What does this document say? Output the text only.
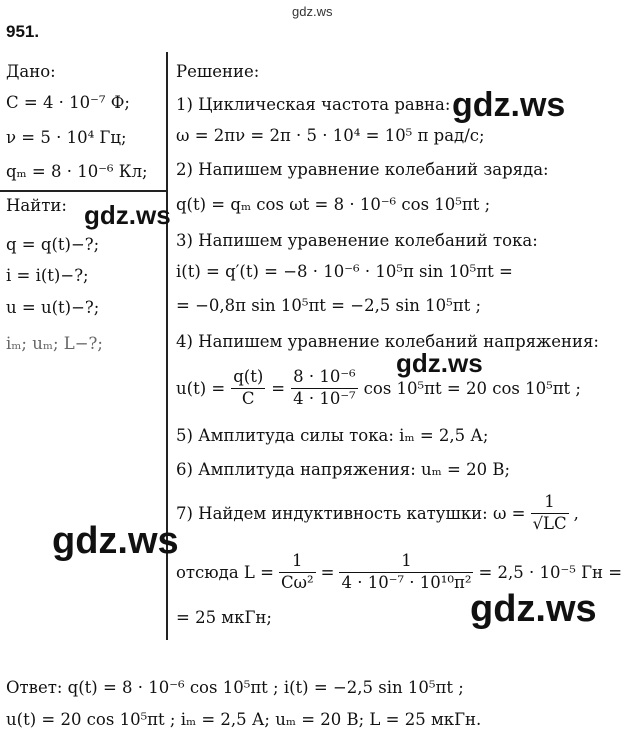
gdz.ws
951.
Дано:
C = 4 · 10⁻⁷ Ф;
ν = 5 · 10⁴ Гц;
qₘ = 8 · 10⁻⁶ Кл;
Найти:
q = q(t)−?;
i = i(t)−?;
u = u(t)−?;
iₘ; uₘ; L−?;
Решение:
1) Циклическая частота равна:
ω = 2πν = 2π · 5 · 10⁴ = 10⁵ π рад/с;
2) Напишем уравнение колебаний заряда:
q(t) = qₘ cos ωt = 8 · 10⁻⁶ cos 10⁵πt ;
3) Напишем уравенение колебаний тока:
i(t) = q′(t) = −8 · 10⁻⁶ · 10⁵π sin 10⁵πt =
= −0,8π sin 10⁵πt = −2,5 sin 10⁵πt ;
4) Напишем уравнение колебаний напряжения:
$u(t) = \frac{q(t)}{C} = \frac{\text{8 · 10⁻⁶}}{\text{4 · 10⁻⁷}}$ cos 10⁵πt = 20 cos 10⁵πt ;
5) Амплитуда силы тока: iₘ = 2,5 А;
6) Амплитуда напряжения: uₘ = 20 В;
7) Найдем индуктивность катушки: $\omega = \frac{1}{√LC}$ ,
отсюда $L = \frac{1}{\text{Cω²}} = \frac{1}{\text{4 · 10⁻⁷ · 10¹⁰π²}} = 2,5 \cdot 10^{-5}$ Гн =
= 25 мкГн;
Ответ: q(t) = 8 · 10⁻⁶ cos 10⁵πt ; i(t) = −2,5 sin 10⁵πt ;
u(t) = 20 cos 10⁵πt ; iₘ = 2,5 А; uₘ = 20 В; L = 25 мкГн.
gdz.ws
gdz.ws
gdz.ws
gdz.ws
gdz.ws
